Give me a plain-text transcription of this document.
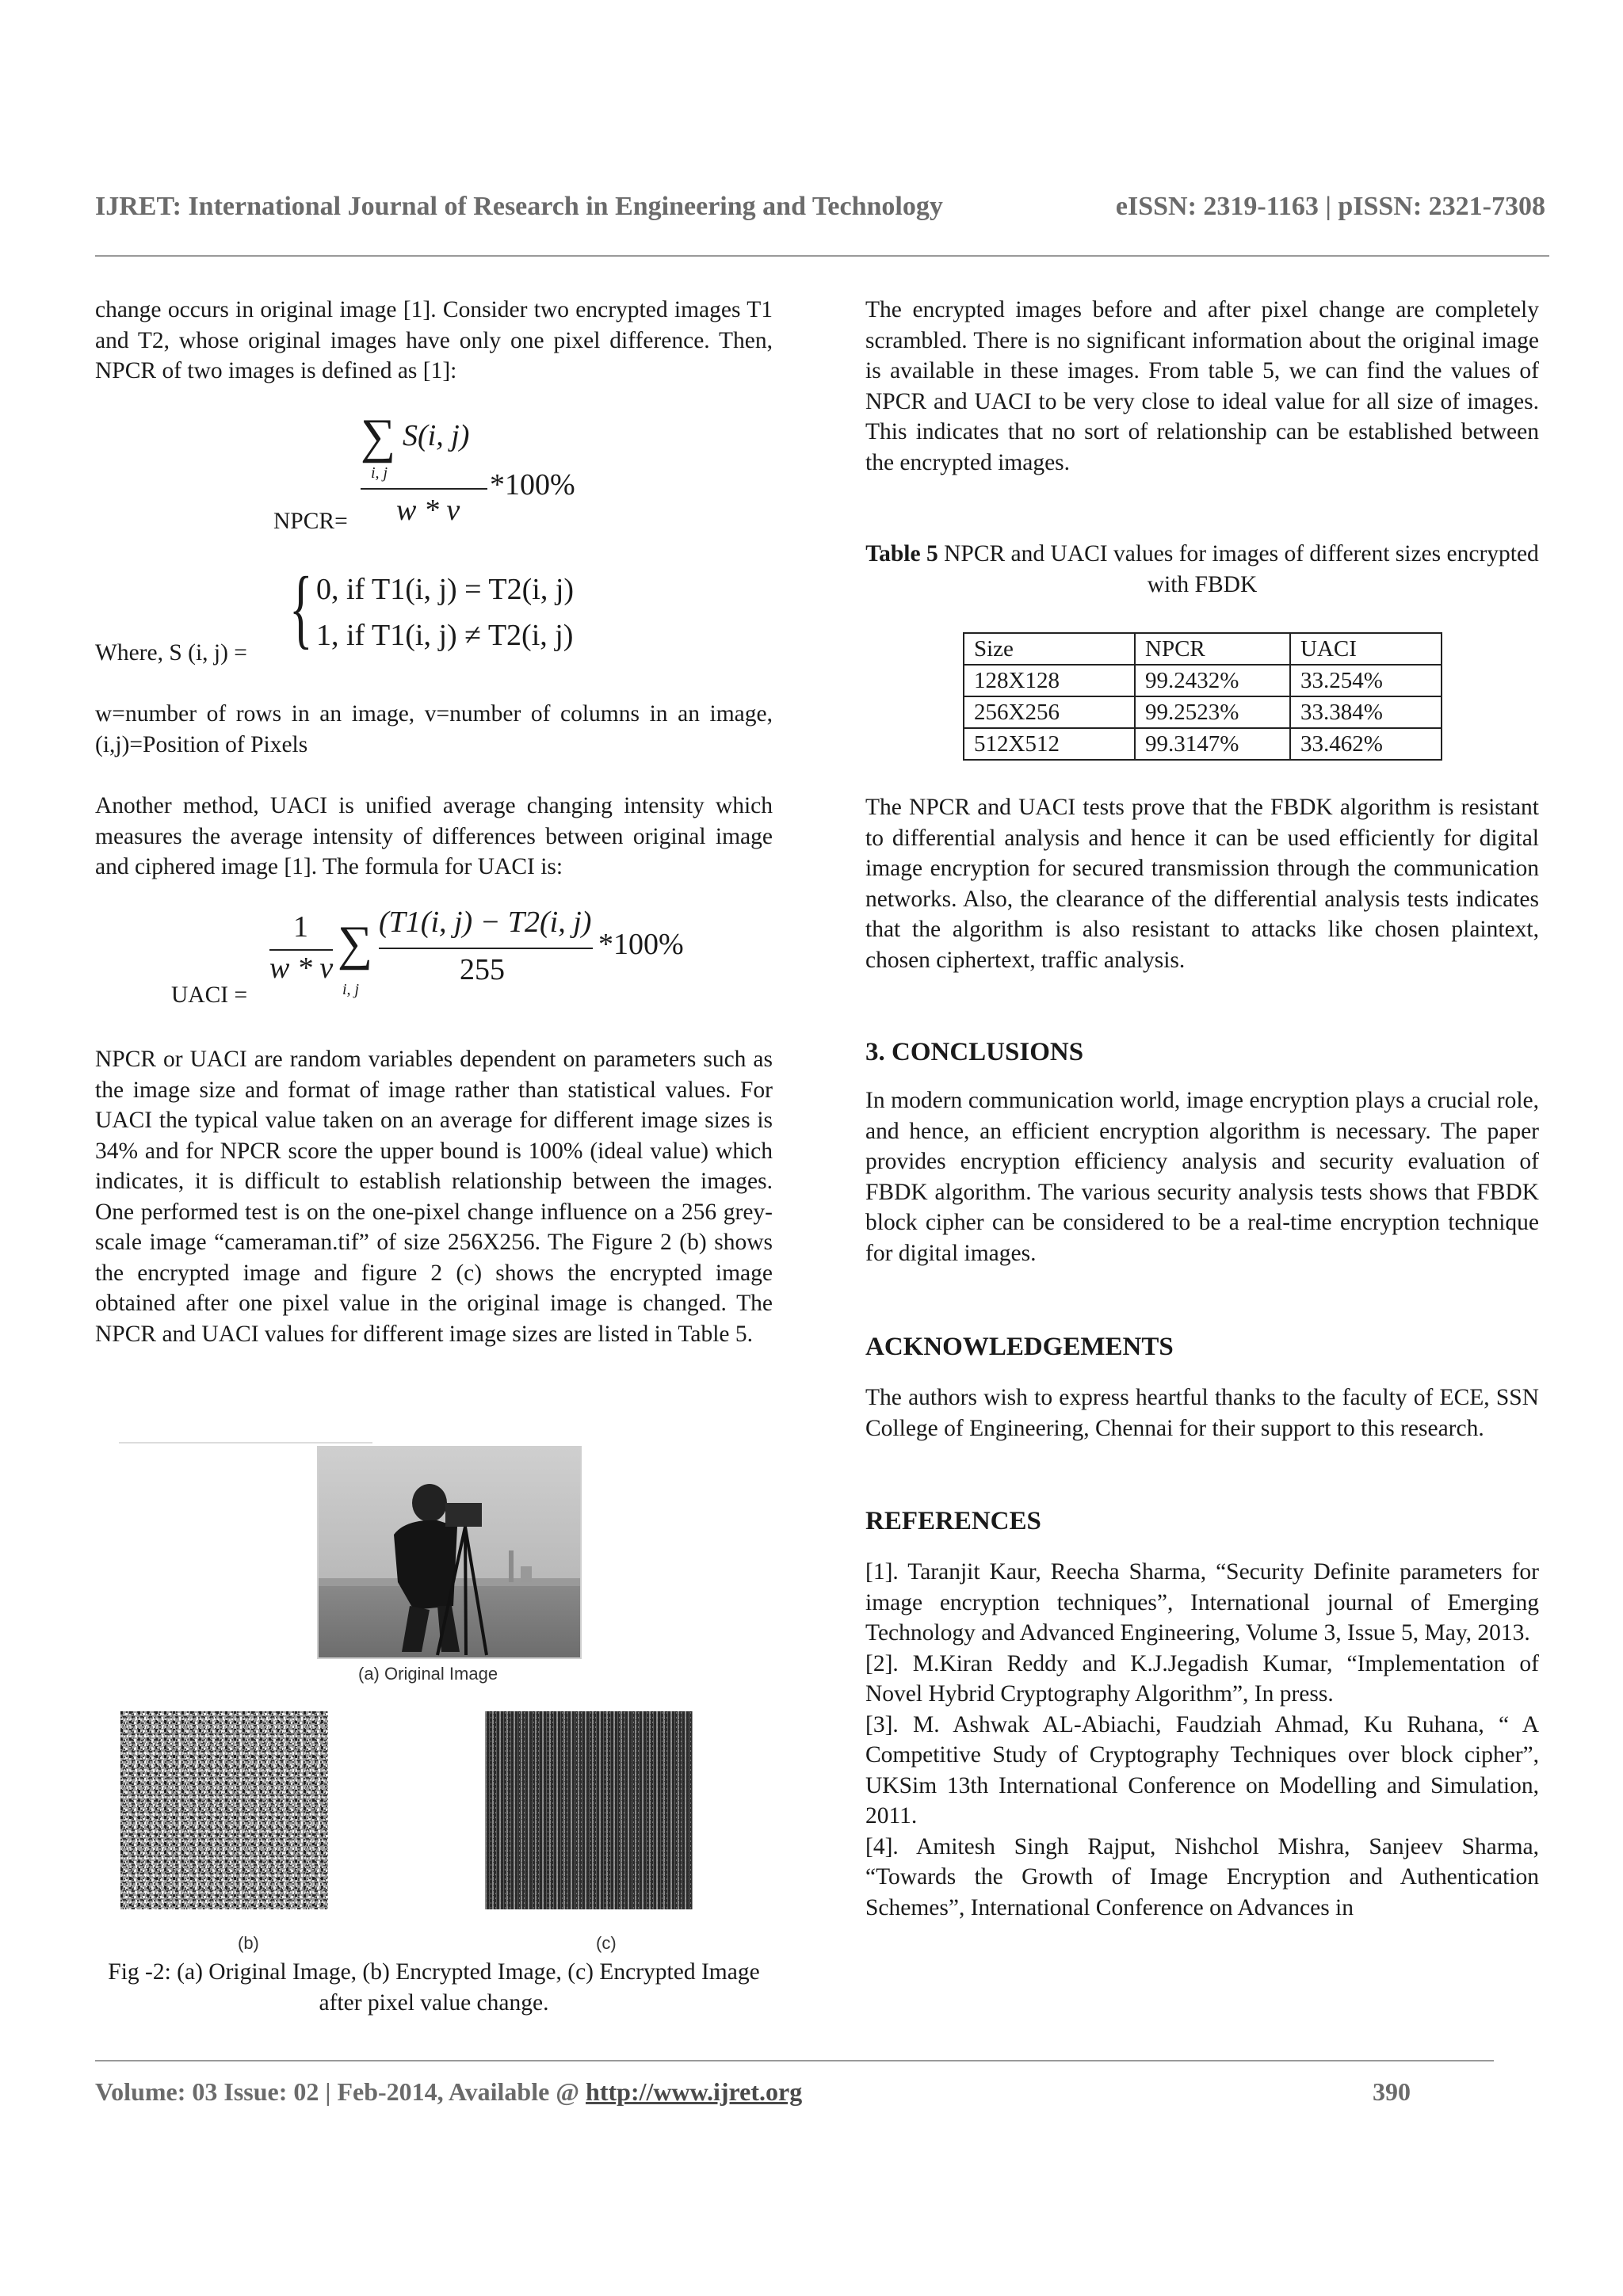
IJRET: International Journal of Research in Engineering and Technology	eISSN: 2319-1163 | pISSN: 2321-7308

change occurs in original image [1]. Consider two encrypted images T1 and T2, whose original images have only one pixel difference. Then, NPCR of two images is defined as [1]:

∑ S(i, j)
i, j
w * v
*100%
NPCR=
Where, S (i, j) = { 0, if T1(i, j) = T2(i, j)
1, if T1(i, j) ≠ T2(i, j)

w=number of rows in an image, v=number of columns in an image, (i,j)=Position of Pixels

Another method, UACI is unified average changing intensity which measures the average intensity of differences between original image and ciphered image [1]. The formula for UACI is:

1
w * v ∑
i, j
(T1(i, j) − T2(i, j)
255
*100%
UACI =

NPCR or UACI are random variables dependent on parameters such as the image size and format of image rather than statistical values. For UACI the typical value taken on an average for different image sizes is 34% and for NPCR score the upper bound is 100% (ideal value) which indicates, it is difficult to establish relationship between the images. One performed test is on the one-pixel change influence on a 256 grey-scale image “cameraman.tif” of size 256X256. The Figure 2 (b) shows the encrypted image and figure 2 (c) shows the encrypted image obtained after one pixel value in the original image is changed. The NPCR and UACI values for different image sizes are listed in Table 5.

(a) Original Image
(b)	(c)

Fig -2: (a) Original Image, (b) Encrypted Image, (c) Encrypted Image after pixel value change.

The encrypted images before and after pixel change are completely scrambled. There is no significant information about the original image is available in these images. From table 5, we can find the values of NPCR and UACI to be very close to ideal value for all size of images. This indicates that no sort of relationship can be established between the encrypted images.

Table 5 NPCR and UACI values for images of different sizes encrypted with FBDK

Size	NPCR	UACI
128X128	99.2432%	33.254%
256X256	99.2523%	33.384%
512X512	99.3147%	33.462%

The NPCR and UACI tests prove that the FBDK algorithm is resistant to differential analysis and hence it can be used efficiently for digital image encryption for secured transmission through the communication networks. Also, the clearance of the differential analysis tests indicates that the algorithm is also resistant to attacks like chosen plaintext, chosen ciphertext, traffic analysis.

3. CONCLUSIONS

In modern communication world, image encryption plays a crucial role, and hence, an efficient encryption algorithm is necessary. The paper provides encryption efficiency analysis and security evaluation of FBDK algorithm. The various security analysis tests shows that FBDK block cipher can be considered to be a real-time encryption technique for digital images.

ACKNOWLEDGEMENTS

The authors wish to express heartful thanks to the faculty of ECE, SSN College of Engineering, Chennai for their support to this research.

REFERENCES

[1]. Taranjit Kaur, Reecha Sharma, “Security Definite parameters for image encryption techniques”, International journal of Emerging Technology and Advanced Engineering, Volume 3, Issue 5, May, 2013.

[2]. M.Kiran Reddy and K.J.Jegadish Kumar, “Implementation of Novel Hybrid Cryptography Algorithm”, In press.

[3]. M. Ashwak AL-Abiachi, Faudziah Ahmad, Ku Ruhana, “ A Competitive Study of Cryptography Techniques over block cipher”, UKSim 13th International Conference on Modelling and Simulation, 2011.

[4]. Amitesh Singh Rajput, Nishchol Mishra, Sanjeev Sharma, “Towards the Growth of Image Encryption and Authentication Schemes”, International Conference on Advances in

Volume: 03 Issue: 02 | Feb-2014, Available @ http://www.ijret.org	390
